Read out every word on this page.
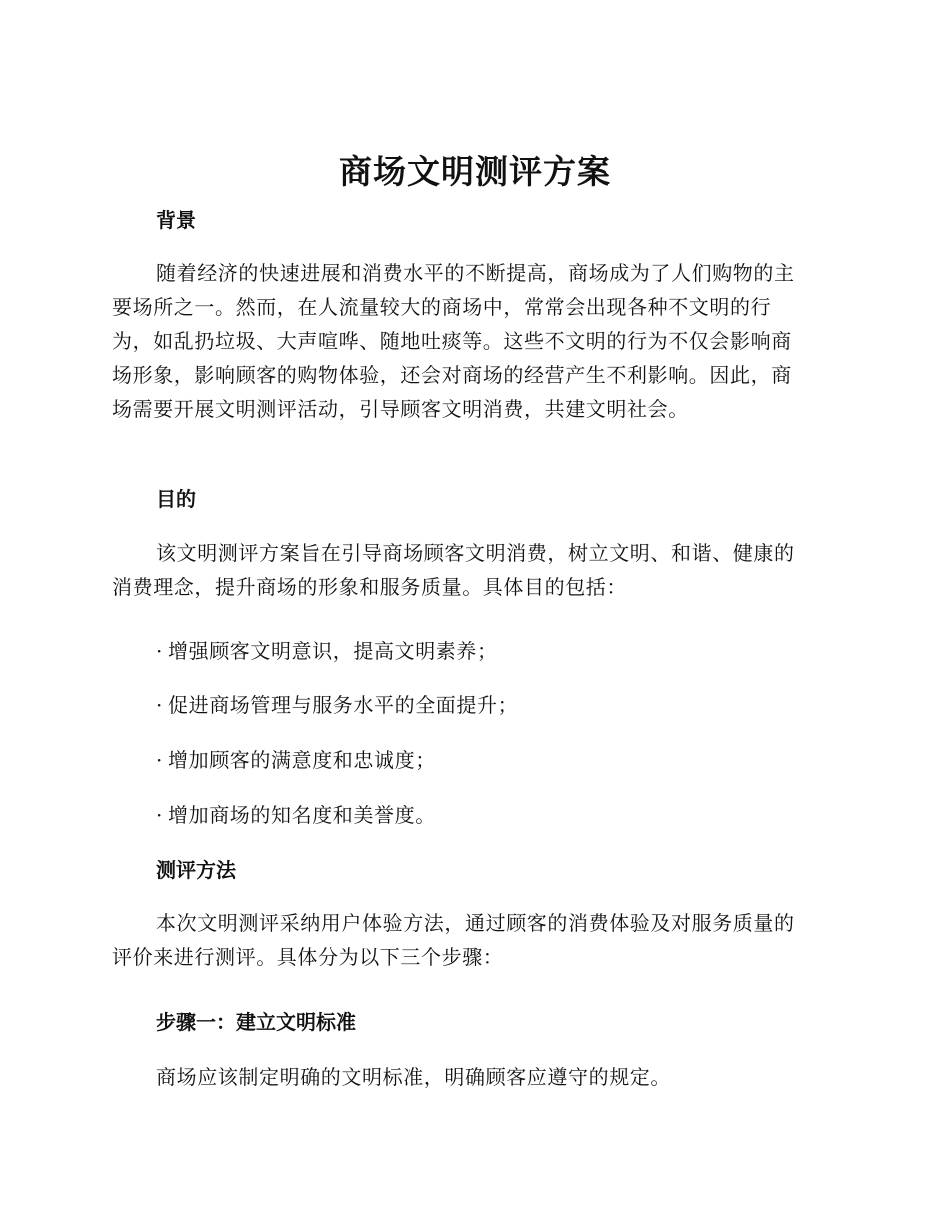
商场文明测评方案
背景
随着经济的快速进展和消费水平的不断提高，商场成为了人们购物的主
要场所之一。然而，在人流量较大的商场中，常常会出现各种不文明的行
为，如乱扔垃圾、大声喧哗、随地吐痰等。这些不文明的行为不仅会影响商
场形象，影响顾客的购物体验，还会对商场的经营产生不利影响。因此，商
场需要开展文明测评活动，引导顾客文明消费，共建文明社会。
目的
该文明测评方案旨在引导商场顾客文明消费，树立文明、和谐、健康的
消费理念，提升商场的形象和服务质量。具体目的包括：
· 增强顾客文明意识，提高文明素养；
· 促进商场管理与服务水平的全面提升；
· 增加顾客的满意度和忠诚度；
· 增加商场的知名度和美誉度。
测评方法
本次文明测评采纳用户体验方法，通过顾客的消费体验及对服务质量的
评价来进行测评。具体分为以下三个步骤：
步骤一：建立文明标准
商场应该制定明确的文明标准，明确顾客应遵守的规定。
